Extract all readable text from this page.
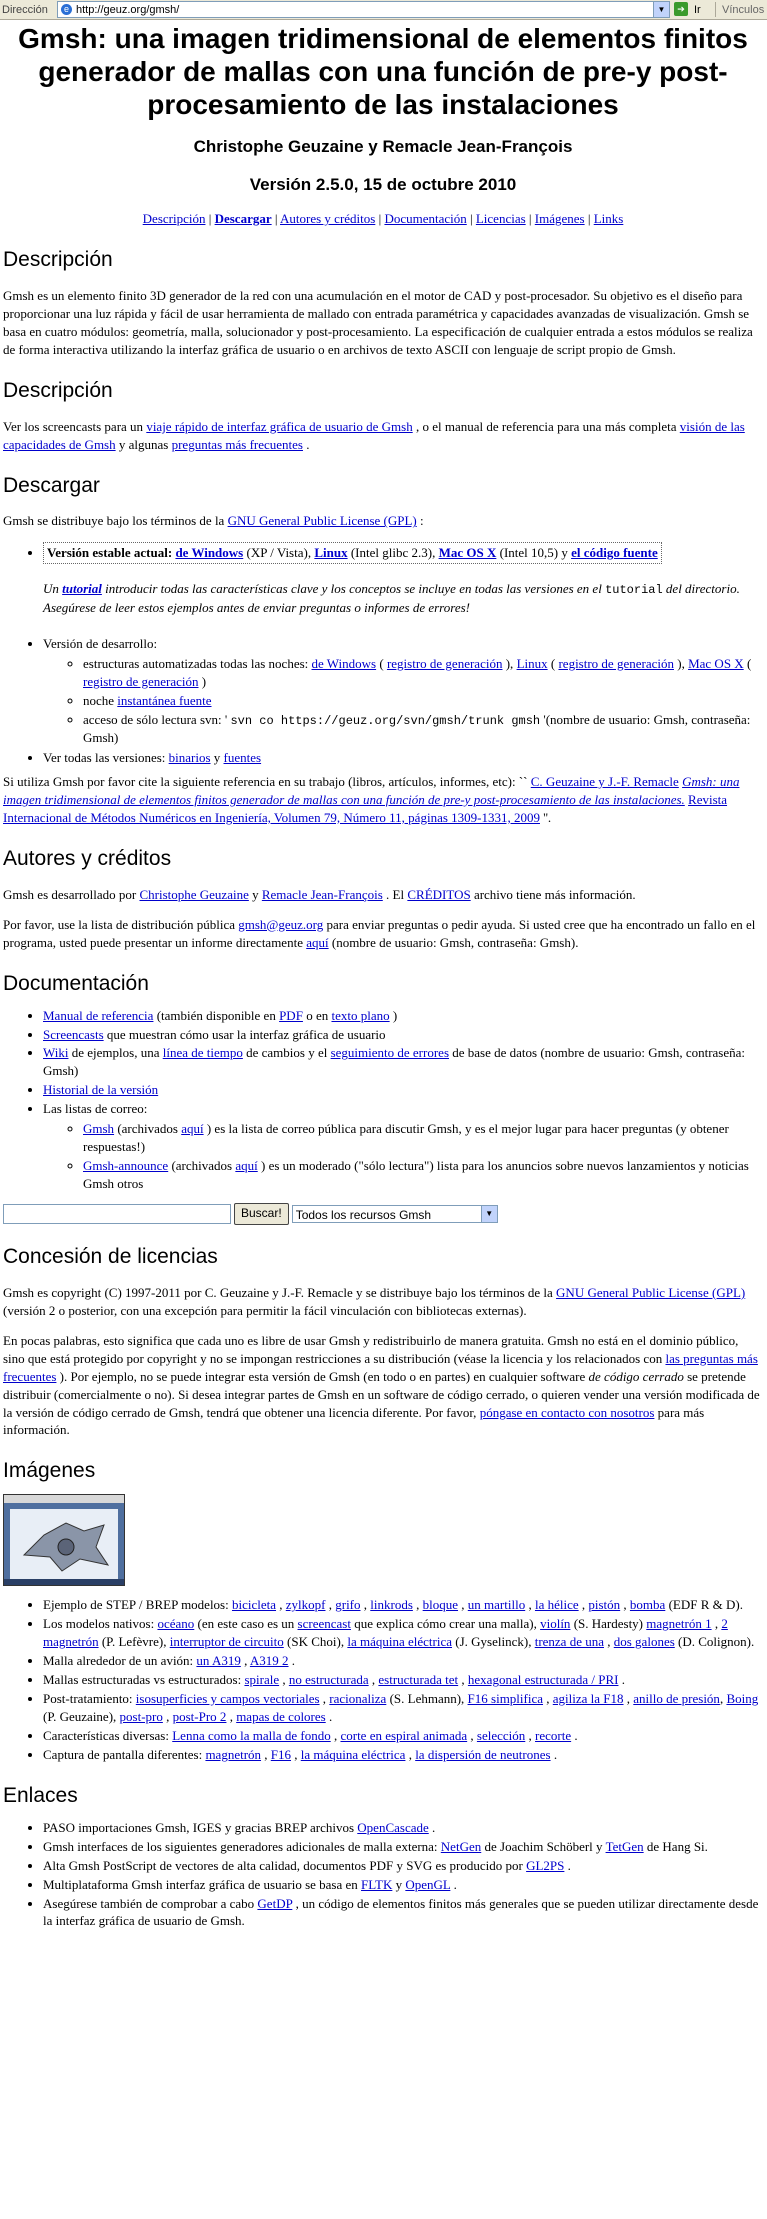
Dirección	e http://geuz.org/gmsh/	▼	➔ Ir Vínculos
Gmsh: una imagen tridimensional de elementos finitos generador de mallas con una función de pre-y post-procesamiento de las instalaciones
Christophe Geuzaine y Remacle Jean-François
Versión 2.5.0, 15 de octubre 2010
Descripción | Descargar | Autores y créditos | Documentación | Licencias | Imágenes | Links
Descripción

Gmsh es un elemento finito 3D generador de la red con una acumulación en el motor de CAD y post-procesador. Su objetivo es el diseño para proporcionar una luz rápida y fácil de usar herramienta de mallado con entrada paramétrica y capacidades avanzadas de visualización. Gmsh se basa en cuatro módulos: geometría, malla, solucionador y post-procesamiento. La especificación de cualquier entrada a estos módulos se realiza de forma interactiva utilizando la interfaz gráfica de usuario o en archivos de texto ASCII con lenguaje de script propio de Gmsh.

Descripción

Ver los screencasts para un viaje rápido de interfaz gráfica de usuario de Gmsh , o el manual de referencia para una más completa visión de las capacidades de Gmsh y algunas preguntas más frecuentes .

Descargar

Gmsh se distribuye bajo los términos de la GNU General Public License (GPL) :

• Versión estable actual: de Windows (XP / Vista), Linux (Intel glibc 2.3), Mac OS X (Intel 10,5) y el código fuente
Un tutorial introducir todas las características clave y los conceptos se incluye en todas las versiones en el tutorial del directorio.
Asegúrese de leer estos ejemplos antes de enviar preguntas o informes de errores!
• Versión de desarrollo:
◦ estructuras automatizadas todas las noches: de Windows ( registro de generación ), Linux ( registro de generación ), Mac OS X ( registro de generación )
◦ noche instantánea fuente
◦ acceso de sólo lectura svn: ' svn co https://geuz.org/svn/gmsh/trunk gmsh '(nombre de usuario: Gmsh, contraseña: Gmsh)
• Ver todas las versiones: binarios y fuentes
Si utiliza Gmsh por favor cite la siguiente referencia en su trabajo (libros, artículos, informes, etc): `` C. Geuzaine y J.-F. Remacle Gmsh: una imagen tridimensional de elementos finitos generador de mallas con una función de pre-y post-procesamiento de las instalaciones. Revista Internacional de Métodos Numéricos en Ingeniería, Volumen 79, Número 11, páginas 1309-1331, 2009 ''.
Autores y créditos

Gmsh es desarrollado por Christophe Geuzaine y Remacle Jean-François . El CRÉDITOS archivo tiene más información.

Por favor, use la lista de distribución pública gmsh@geuz.org para enviar preguntas o pedir ayuda. Si usted cree que ha encontrado un fallo en el programa, usted puede presentar un informe directamente aquí (nombre de usuario: Gmsh, contraseña: Gmsh).

Documentación
• Manual de referencia (también disponible en PDF o en texto plano )
• Screencasts que muestran cómo usar la interfaz gráfica de usuario
• Wiki de ejemplos, una línea de tiempo de cambios y el seguimiento de errores de base de datos (nombre de usuario: Gmsh, contraseña: Gmsh)
• Historial de la versión
• Las listas de correo:
◦ Gmsh (archivados aquí ) es la lista de correo pública para discutir Gmsh, y es el mejor lugar para hacer preguntas (y obtener respuestas!)
◦ Gmsh-announce (archivados aquí ) es un moderado ("sólo lectura") lista para los anuncios sobre nuevos lanzamientos y noticias Gmsh otros
Buscar!	Todos los recursos Gmsh	▼
Concesión de licencias

Gmsh es copyright (C) 1997-2011 por C. Geuzaine y J.-F. Remacle y se distribuye bajo los términos de la GNU General Public License (GPL) (versión 2 o posterior, con una excepción para permitir la fácil vinculación con bibliotecas externas).

En pocas palabras, esto significa que cada uno es libre de usar Gmsh y redistribuirlo de manera gratuita. Gmsh no está en el dominio público, sino que está protegido por copyright y no se impongan restricciones a su distribución (véase la licencia y los relacionados con las preguntas más frecuentes ). Por ejemplo, no se puede integrar esta versión de Gmsh (en todo o en partes) en cualquier software de código cerrado se pretende distribuir (comercialmente o no). Si desea integrar partes de Gmsh en un software de código cerrado, o quieren vender una versión modificada de la versión de código cerrado de Gmsh, tendrá que obtener una licencia diferente. Por favor, póngase en contacto con nosotros para más información.

Imágenes
• Ejemplo de STEP / BREP modelos: bicicleta , zylkopf , grifo , linkrods , bloque , un martillo , la hélice , pistón , bomba (EDF R & D).
• Los modelos nativos: océano (en este caso es un screencast que explica cómo crear una malla), violín (S. Hardesty) magnetrón 1 , 2 magnetrón (P. Lefèvre), interruptor de circuito (SK Choi), la máquina eléctrica (J. Gyselinck), trenza de una , dos galones (D. Colignon).
• Malla alrededor de un avión: un A319 , A319 2 .
• Mallas estructuradas vs estructurados: spirale , no estructurada , estructurada tet , hexagonal estructurada / PRI .
• Post-tratamiento: isosuperficies y campos vectoriales , racionaliza (S. Lehmann), F16 simplifica , agiliza la F18 , anillo de presión, Boing (P. Geuzaine), post-pro , post-Pro 2 , mapas de colores .
• Características diversas: Lenna como la malla de fondo , corte en espiral animada , selección , recorte .
• Captura de pantalla diferentes: magnetrón , F16 , la máquina eléctrica , la dispersión de neutrones .
Enlaces
• PASO importaciones Gmsh, IGES y gracias BREP archivos OpenCascade .
• Gmsh interfaces de los siguientes generadores adicionales de malla externa: NetGen de Joachim Schöberl y TetGen de Hang Si.
• Alta Gmsh PostScript de vectores de alta calidad, documentos PDF y SVG es producido por GL2PS .
• Multiplataforma Gmsh interfaz gráfica de usuario se basa en FLTK y OpenGL .
• Asegúrese también de comprobar a cabo GetDP , un código de elementos finitos más generales que se pueden utilizar directamente desde la interfaz gráfica de usuario de Gmsh.
